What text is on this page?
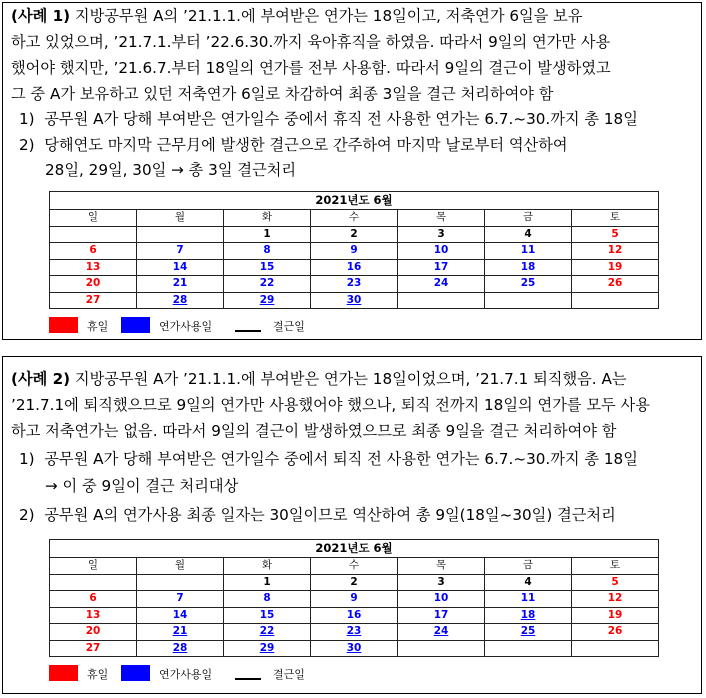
(사례 1) 지방공무원 A의 ’21.1.1.에 부여받은 연가는 18일이고, 저축연가 6일을 보유
하고 있었으며, ’21.7.1.부터 ’22.6.30.까지 육아휴직을 하였음. 따라서 9일의 연가만 사용
했어야 했지만, ’21.6.7.부터 18일의 연가를 전부 사용함. 따라서 9일의 결근이 발생하였고
그 중 A가 보유하고 있던 저축연가 6일로 차감하여 최종 3일을 결근 처리하여야 함
1) 공무원 A가 당해 부여받은 연가일수 중에서 휴직 전 사용한 연가는 6.7.~30.까지 총 18일
2) 당해연도 마지막 근무月에 발생한 결근으로 간주하여 마지막 날로부터 역산하여
28일, 29일, 30일 → 총 3일 결근처리
2021년도 6월						
일	월	화	수	목	금	토
		1	2	3	4	5
6	7	8	9	10	11	12
13	14	15	16	17	18	19
20	21	22	23	24	25	26
27	28	29	30			
휴일	연가사용일	결근일
(사례 2) 지방공무원 A가 ’21.1.1.에 부여받은 연가는 18일이었으며, ’21.7.1 퇴직했음. A는
’21.7.1에 퇴직했으므로 9일의 연가만 사용했어야 했으나, 퇴직 전까지 18일의 연가를 모두 사용
하고 저축연가는 없음. 따라서 9일의 결근이 발생하였으므로 최종 9일을 결근 처리하여야 함
1) 공무원 A가 당해 부여받은 연가일수 중에서 퇴직 전 사용한 연가는 6.7.~30.까지 총 18일
→ 이 중 9일이 결근 처리대상
2) 공무원 A의 연가사용 최종 일자는 30일이므로 역산하여 총 9일(18일~30일) 결근처리
2021년도 6월						
일	월	화	수	목	금	토
		1	2	3	4	5
6	7	8	9	10	11	12
13	14	15	16	17	18	19
20	21	22	23	24	25	26
27	28	29	30			
휴일	연가사용일	결근일
